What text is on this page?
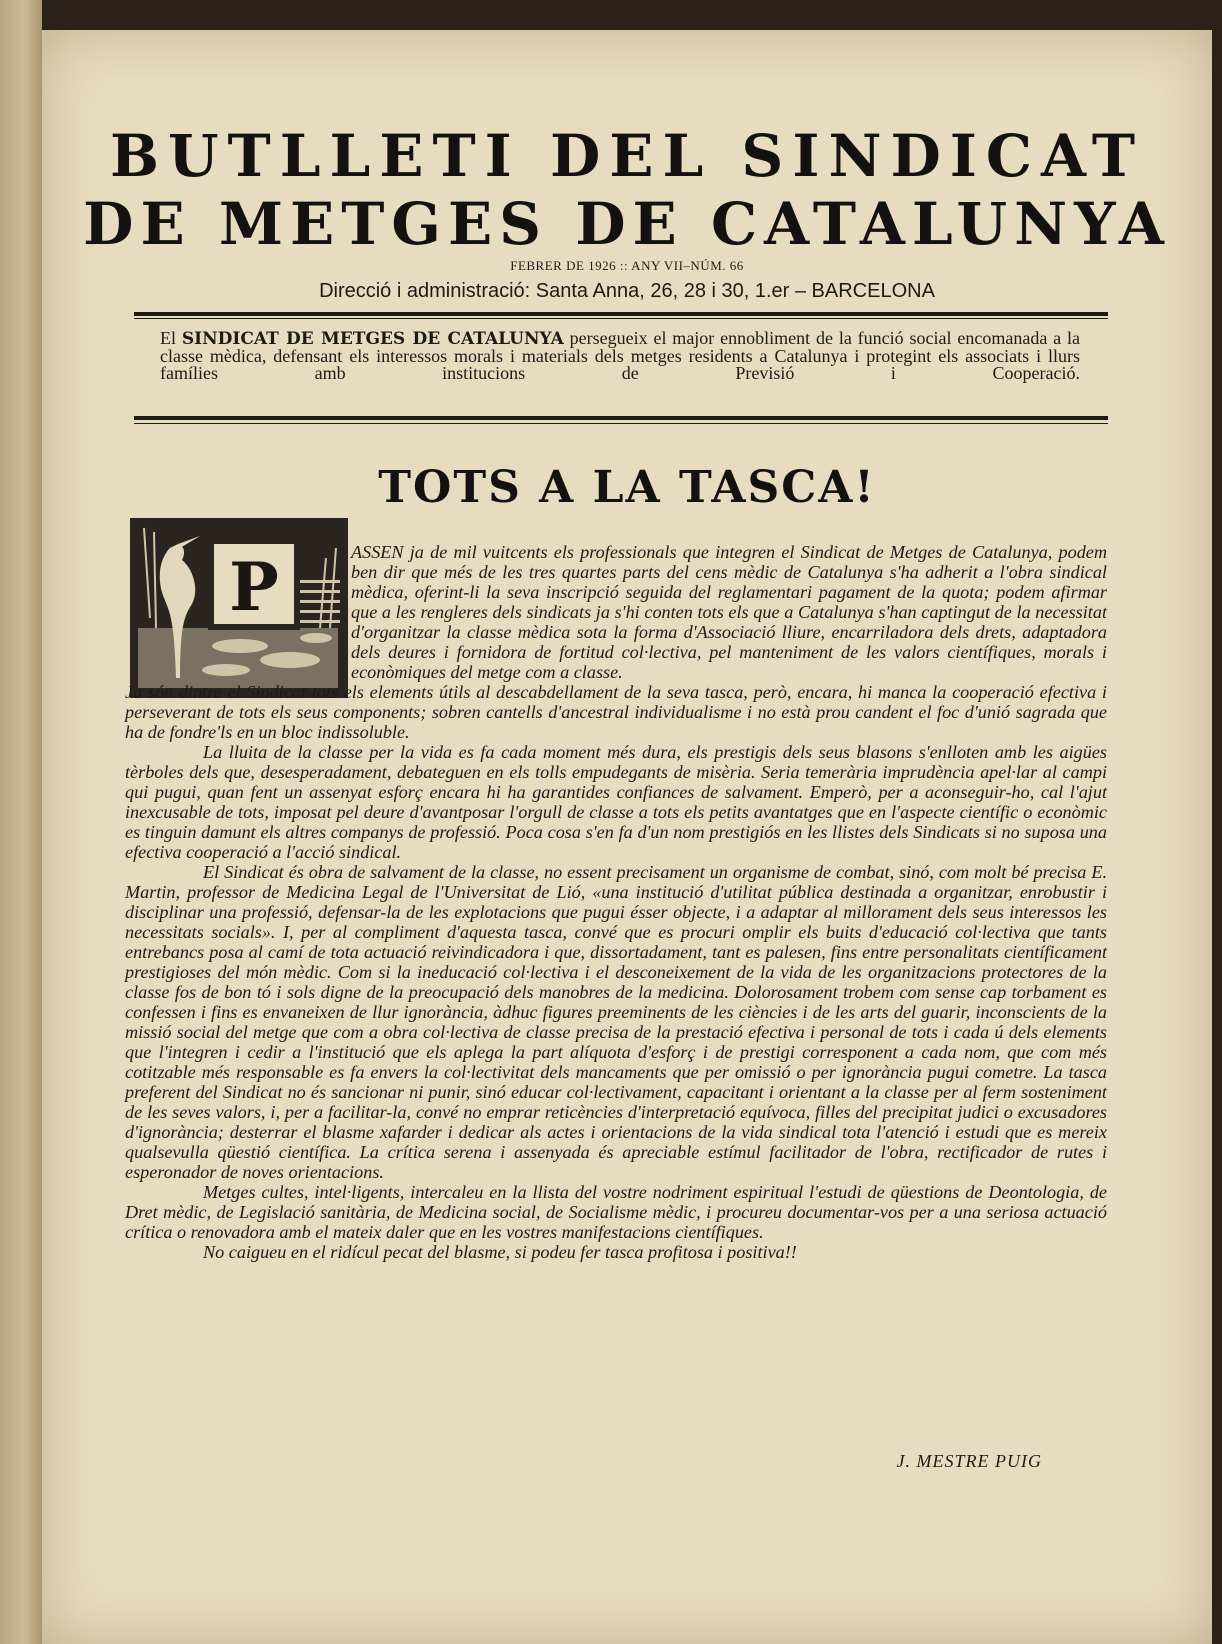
BUTLLETI DEL SINDICAT
DE METGES DE CATALUNYA
FEBRER DE 1926 :: ANY VII–NÚM. 66
Direcció i administració: Santa Anna, 26, 28 i 30, 1.er – BARCELONA
El SINDICAT DE METGES DE CATALUNYA persegueix el major ennobliment de la funció social encomanada a la classe mèdica, defensant els interessos morals i materials dels metges residents a Catalunya i protegint els associats i llurs famílies amb institucions de Previsió i Cooperació.
TOTS A LA TASCA!
P	ASSEN ja de mil vuitcents els professionals que integren el Sindicat de Metges de Catalunya, podem ben dir que més de les tres quartes parts del cens mèdic de Catalunya s'ha adherit a l'obra sindical mèdica, oferint-li la seva inscripció seguida del reglamentari pagament de la quota; podem afirmar que a les rengleres dels sindicats ja s'hi conten tots els que a Catalunya s'han captingut de la necessitat d'organitzar la classe mèdica sota la forma d'Associació lliure, encarriladora dels drets, adaptadora dels deures i fornidora de fortitud col·lectiva, pel manteniment de les valors científiques, morals i econòmiques del metge com a classe.

Ja són dintre el Sindicat tots els elements útils al descabdellament de la seva tasca, però, encara, hi manca la cooperació efectiva i perseverant de tots els seus components; sobren cantells d'ancestral individualisme i no està prou candent el foc d'unió sagrada que ha de fondre'ls en un bloc indissoluble.

La lluita de la classe per la vida es fa cada moment més dura, els prestigis dels seus blasons s'enlloten amb les aigües tèrboles dels que, desesperadament, debateguen en els tolls empudegants de misèria. Seria temerària imprudència apel·lar al campi qui pugui, quan fent un assenyat esforç encara hi ha garantides confiances de salvament. Emperò, per a aconseguir-ho, cal l'ajut inexcusable de tots, imposat pel deure d'avantposar l'orgull de classe a tots els petits avantatges que en l'aspecte científic o econòmic es tinguin damunt els altres companys de professió. Poca cosa s'en fa d'un nom prestigiós en les llistes dels Sindicats si no suposa una efectiva cooperació a l'acció sindical.

El Sindicat és obra de salvament de la classe, no essent precisament un organisme de combat, sinó, com molt bé precisa E. Martin, professor de Medicina Legal de l'Universitat de Lió, «una institució d'utilitat pública destinada a organitzar, enrobustir i disciplinar una professió, defensar-la de les explotacions que pugui ésser objecte, i a adaptar al millorament dels seus interessos les necessitats socials». I, per al compliment d'aquesta tasca, convé que es procuri omplir els buits d'educació col·lectiva que tants entrebancs posa al camí de tota actuació reivindicadora i que, dissortadament, tant es palesen, fins entre personalitats científicament prestigioses del món mèdic. Com si la ineducació col·lectiva i el desconeixement de la vida de les organitzacions protectores de la classe fos de bon tó i sols digne de la preocupació dels manobres de la medicina. Dolorosament trobem com sense cap torbament es confessen i fins es envaneixen de llur ignorància, àdhuc figures preeminents de les ciències i de les arts del guarir, inconscients de la missió social del metge que com a obra col·lectiva de classe precisa de la prestació efectiva i personal de tots i cada ú dels elements que l'integren i cedir a l'institució que els aplega la part alíquota d'esforç i de prestigi corresponent a cada nom, que com més cotitzable més responsable es fa envers la col·lectivitat dels mancaments que per omissió o per ignorància pugui cometre. La tasca preferent del Sindicat no és sancionar ni punir, sinó educar col·lectivament, capacitant i orientant a la classe per al ferm sosteniment de les seves valors, i, per a facilitar-la, convé no emprar reticències d'interpretació equívoca, filles del precipitat judici o excusadores d'ignorància; desterrar el blasme xafarder i dedicar als actes i orientacions de la vida sindical tota l'atenció i estudi que es mereix qualsevulla qüestió científica. La crítica serena i assenyada és apreciable estímul facilitador de l'obra, rectificador de rutes i esperonador de noves orientacions.

Metges cultes, intel·ligents, intercaleu en la llista del vostre nodriment espiritual l'estudi de qüestions de Deontologia, de Dret mèdic, de Legislació sanitària, de Medicina social, de Socialisme mèdic, i procureu documentar-vos per a una seriosa actuació crítica o renovadora amb el mateix daler que en les vostres manifestacions científiques.

No caigueu en el ridícul pecat del blasme, si podeu fer tasca profitosa i positiva!!

J. MESTRE PUIG
